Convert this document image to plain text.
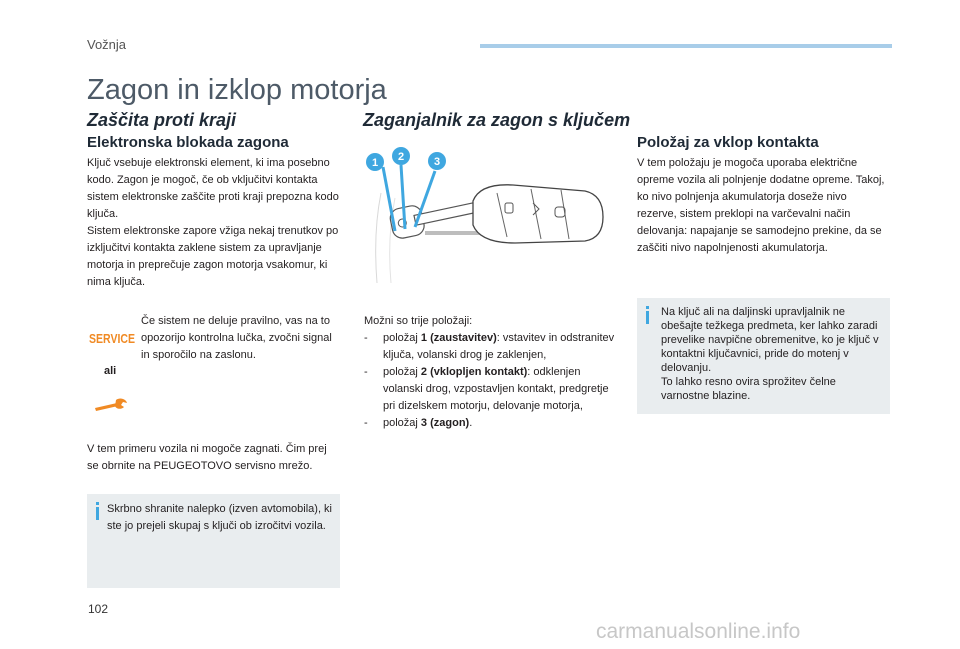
Vožnja
Zagon in izklop motorja
Zaščita proti kraji
Elektronska blokada zagona
Ključ vsebuje elektronski element, ki ima posebno kodo. Zagon je mogoč, če ob vključitvi kontakta sistem elektronske zaščite proti kraji prepozna kodo ključa.
Sistem elektronske zapore vžiga nekaj trenutkov po izključitvi kontakta zaklene sistem za upravljanje motorja in preprečuje zagon motorja vsakomur, ki nima ključa.
Če sistem ne deluje pravilno, vas na to opozorijo kontrolna lučka, zvočni signal in sporočilo na zaslonu.
SERVICE
ali
V tem primeru vozila ni mogoče zagnati. Čim prej se obrnite na PEUGEOTOVO servisno mrežo.
Skrbno shranite nalepko (izven avtomobila), ki ste jo prejeli skupaj s ključi ob izročitvi vozila.
Zaganjalnik za zagon s ključem
1 2	3
Možni so trije položaji:
- položaj 1 (zaustavitev): vstavitev in odstranitev ključa, volanski drog je zaklenjen,
- položaj 2 (vklopljen kontakt): odklenjen volanski drog, vzpostavljen kontakt, predgretje pri dizelskem motorju, delovanje motorja,
- položaj 3 (zagon).
Položaj za vklop kontakta
V tem položaju je mogoča uporaba električne opreme vozila ali polnjenje dodatne opreme. Takoj, ko nivo polnjenja akumulatorja doseže nivo rezerve, sistem preklopi na varčevalni način delovanja: napajanje se samodejno prekine, da se zaščiti nivo napolnjenosti akumulatorja.
Na ključ ali na daljinski upravljalnik ne obešajte težkega predmeta, ker lahko zaradi prevelike navpične obremenitve, ko je ključ v kontaktni ključavnici, pride do motenj v delovanju.
To lahko resno ovira sprožitev čelne varnostne blazine.
102
carmanualsonline.info
